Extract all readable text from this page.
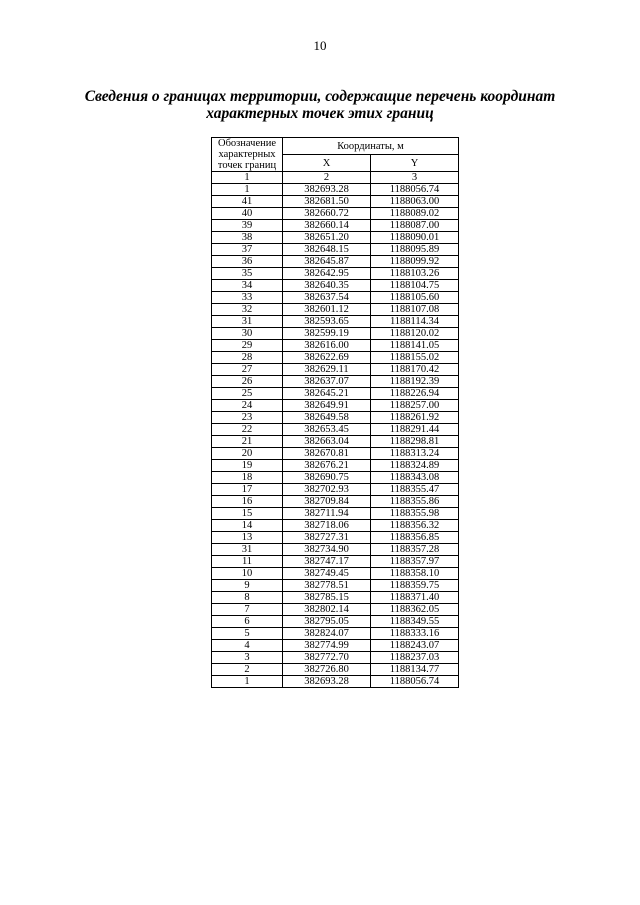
10
Сведения о границах территории, содержащие перечень координат
характерных точек этих границ
Обозначение
характерных
точек границ	Координаты, м	
	X	Y
1	2	3
1	382693.28	1188056.74
41	382681.50	1188063.00
40	382660.72	1188089.02
39	382660.14	1188087.00
38	382651.20	1188090.01
37	382648.15	1188095.89
36	382645.87	1188099.92
35	382642.95	1188103.26
34	382640.35	1188104.75
33	382637.54	1188105.60
32	382601.12	1188107.08
31	382593.65	1188114.34
30	382599.19	1188120.02
29	382616.00	1188141.05
28	382622.69	1188155.02
27	382629.11	1188170.42
26	382637.07	1188192.39
25	382645.21	1188226.94
24	382649.91	1188257.00
23	382649.58	1188261.92
22	382653.45	1188291.44
21	382663.04	1188298.81
20	382670.81	1188313.24
19	382676.21	1188324.89
18	382690.75	1188343.08
17	382702.93	1188355.47
16	382709.84	1188355.86
15	382711.94	1188355.98
14	382718.06	1188356.32
13	382727.31	1188356.85
31	382734.90	1188357.28
11	382747.17	1188357.97
10	382749.45	1188358.10
9	382778.51	1188359.75
8	382785.15	1188371.40
7	382802.14	1188362.05
6	382795.05	1188349.55
5	382824.07	1188333.16
4	382774.99	1188243.07
3	382772.70	1188237.03
2	382726.80	1188134.77
1	382693.28	1188056.74
